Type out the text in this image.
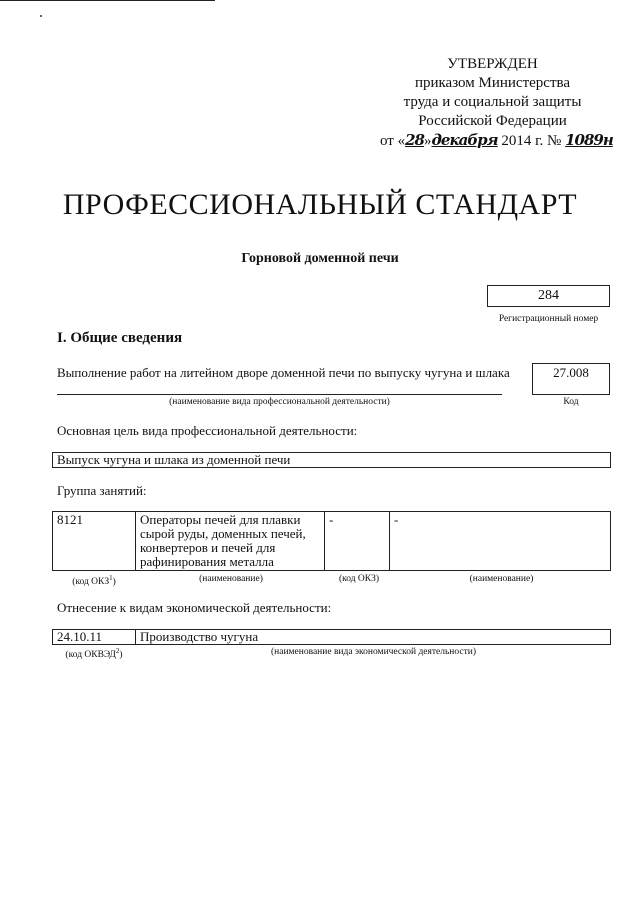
УТВЕРЖДЕН
приказом Министерства
труда и социальной защиты
Российской Федерации
от «28»декабря 2014 г. № 1089н
ПРОФЕССИОНАЛЬНЫЙ СТАНДАРТ
Горновой доменной печи
284
Регистрационный номер
I. Общие сведения
Выполнение работ на литейном дворе доменной печи по выпуску чугуна и шлака	27.008
(наименование вида профессиональной деятельности)	Код
Основная цель вида профессиональной деятельности:
Выпуск чугуна и шлака из доменной печи
Группа занятий:
8121	Операторы печей для плавки сырой руды, доменных печей, конвертеров и печей для рафинирования металла	-	-
(код ОКЗ$^1$)	(наименование)	(код ОКЗ)	(наименование)
Отнесение к видам экономической деятельности:
24.10.11	Производство чугуна
(код ОКВЭД$^2$)	(наименование вида экономической деятельности)
